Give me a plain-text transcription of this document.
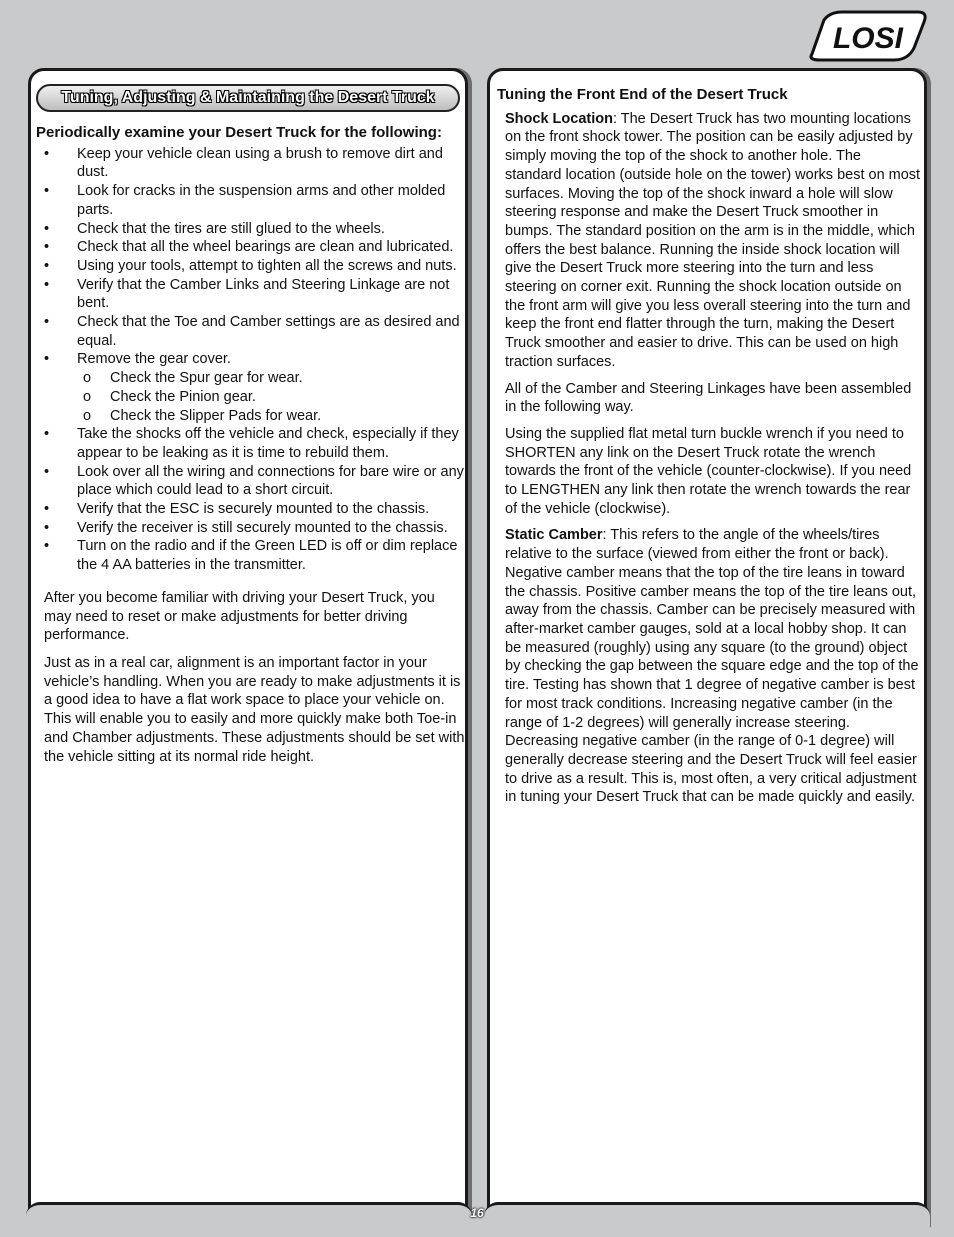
LOSI
16
Tuning, Adjusting & Maintaining the Desert Truck
Periodically examine your Desert Truck for the following:
• Keep your vehicle clean using a brush to remove dirt and dust.
• Look for cracks in the suspension arms and other molded parts.
• Check that the tires are still glued to the wheels.
• Check that all the wheel bearings are clean and lubricated.
• Using your tools, attempt to tighten all the screws and nuts.
• Verify that the Camber Links and Steering Linkage are not bent.
• Check that the Toe and Camber settings are as desired and equal.
• Remove the gear cover.
o Check the Spur gear for wear.
o Check the Pinion gear.
o Check the Slipper Pads for wear.
• Take the shocks off the vehicle and check, especially if they appear to be leaking as it is time to rebuild them.
• Look over all the wiring and connections for bare wire or any place which could lead to a short circuit.
• Verify that the ESC is securely mounted to the chassis.
• Verify the receiver is still securely mounted to the chassis.
• Turn on the radio and if the Green LED is off or dim replace the 4 AA batteries in the transmitter.

After you become familiar with driving your Desert Truck, you may need to reset or make adjustments for better driving performance.

Just as in a real car, alignment is an important factor in your vehicle’s handling. When you are ready to make adjustments it is a good idea to have a flat work space to place your vehicle on. This will enable you to easily and more quickly make both Toe-in and Chamber adjustments. These adjustments should be set with the vehicle sitting at its normal ride height.

Tuning the Front End of the Desert Truck

Shock Location: The Desert Truck has two mounting locations on the front shock tower. The position can be easily adjusted by simply moving the top of the shock to another hole. The standard location (outside hole on the tower) works best on most surfaces. Moving the top of the shock inward a hole will slow steering response and make the Desert Truck smoother in bumps. The standard position on the arm is in the middle, which offers the best balance. Running the inside shock location will give the Desert Truck more steering into the turn and less steering on corner exit. Running the shock location outside on the front arm will give you less overall steering into the turn and keep the front end flatter through the turn, making the Desert Truck smoother and easier to drive. This can be used on high traction surfaces.

All of the Camber and Steering Linkages have been assembled in the following way.

Using the supplied flat metal turn buckle wrench if you need to SHORTEN any link on the Desert Truck rotate the wrench towards the front of the vehicle (counter-clockwise). If you need to LENGTHEN any link then rotate the wrench towards the rear of the vehicle (clockwise).

Static Camber: This refers to the angle of the wheels/tires relative to the surface (viewed from either the front or back). Negative camber means that the top of the tire leans in toward the chassis. Positive camber means the top of the tire leans out, away from the chassis. Camber can be precisely measured with after-market camber gauges, sold at a local hobby shop. It can be measured (roughly) using any square (to the ground) object by checking the gap between the square edge and the top of the tire. Testing has shown that 1 degree of negative camber is best for most track conditions. Increasing negative camber (in the range of 1-2 degrees) will generally increase steering. Decreasing negative camber (in the range of 0-1 degree) will generally decrease steering and the Desert Truck will feel easier to drive as a result. This is, most often, a very critical adjustment in tuning your Desert Truck that can be made quickly and easily.
